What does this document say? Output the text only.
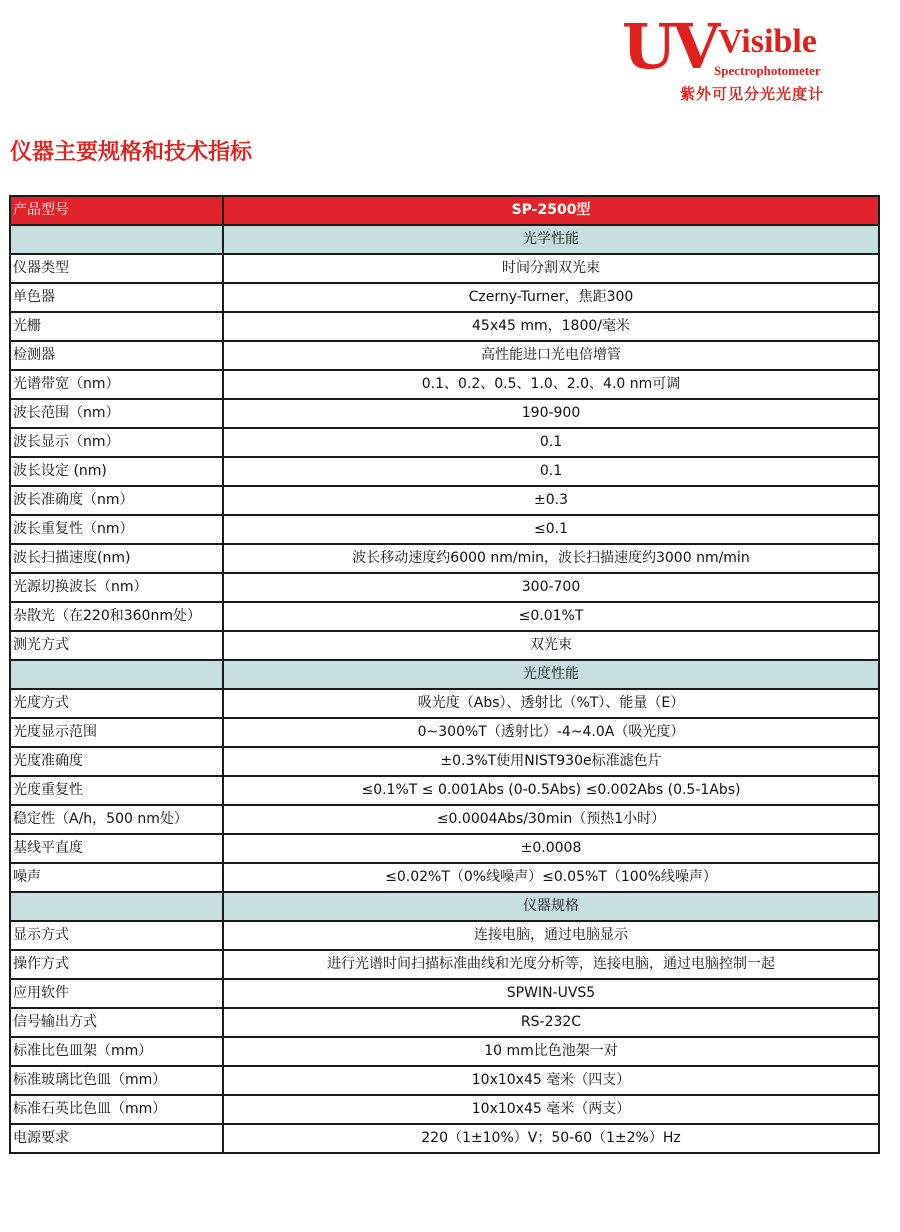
UV Visible
Spectrophotometer
紫外可见分光光度计
仪器主要规格和技术指标
产品型号	SP-2500型
	光学性能
仪器类型	时间分割双光束
单色器	Czerny-Turner，焦距300
光栅	45x45 mm，1800/毫米
检测器	高性能进口光电倍增管
光谱带宽（nm）	0.1、0.2、0.5、1.0、2.0、4.0 nm可调
波长范围（nm）	190-900
波长显示（nm）	0.1
波长设定 (nm)	0.1
波长准确度（nm）	±0.3
波长重复性（nm）	≤0.1
波长扫描速度(nm)	波长移动速度约6000 nm/min，波长扫描速度约3000 nm/min
光源切换波长（nm）	300-700
杂散光（在220和360nm处）	≤0.01%T
测光方式	双光束
	光度性能
光度方式	吸光度（Abs）、透射比（%T）、能量（E）
光度显示范围	0~300%T（透射比）-4~4.0A（吸光度）
光度准确度	±0.3%T使用NIST930e标准滤色片
光度重复性	≤0.1%T ≤ 0.001Abs (0-0.5Abs) ≤0.002Abs (0.5-1Abs)
稳定性（A/h，500 nm处）	≤0.0004Abs/30min（预热1小时）
基线平直度	±0.0008
噪声	≤0.02%T（0%线噪声）≤0.05%T（100%线噪声）
	仪器规格
显示方式	连接电脑，通过电脑显示
操作方式	进行光谱时间扫描标准曲线和光度分析等，连接电脑，通过电脑控制一起
应用软件	SPWIN-UVS5
信号输出方式	RS-232C
标准比色皿架（mm）	10 mm比色池架一对
标准玻璃比色皿（mm）	10x10x45 毫米（四支）
标准石英比色皿（mm）	10x10x45 毫米（两支）
电源要求	220（1±10%）V；50-60（1±2%）Hz
